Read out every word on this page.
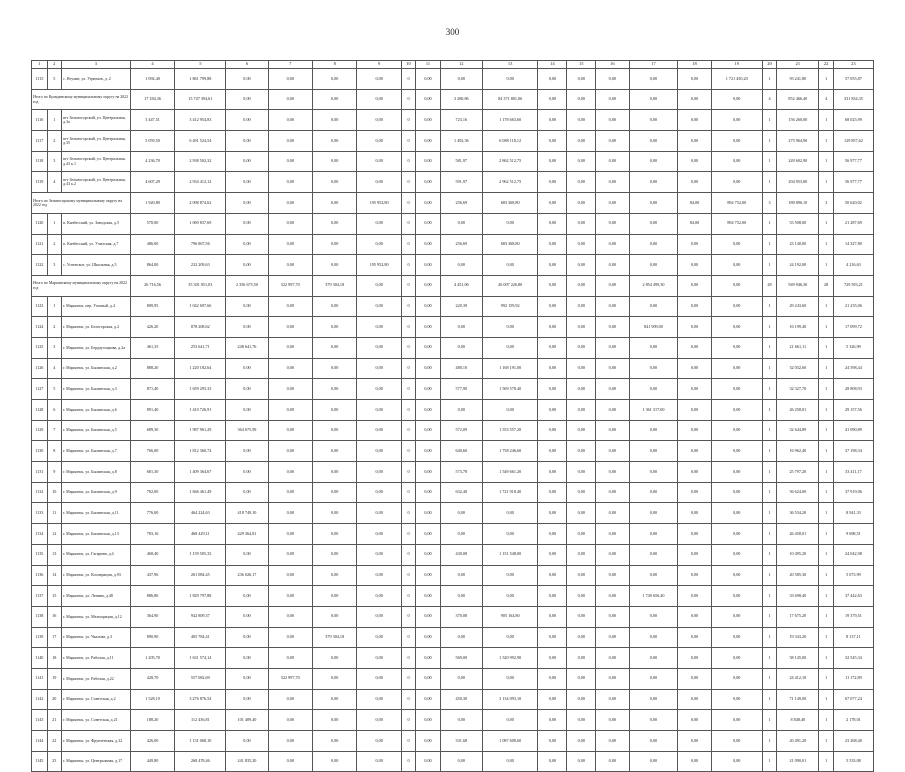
300
1	2	3	4	5	6	7	8	9	10	11	12	13	14	15	16	17	18	19	20	21	22	23
1115	5	с. Нгулин, ул. Угрюмов, д. 2	1 092,40	1 861 799,88	0,00	0,00	0,00	0,00	0	0,00	0,00	0,00	0,00	0,00	0,00	0,00	0,00	1 721 450,20	1	93 241,80	1	57 055,87
Итого по Куандинскому муниципальному округу на 2022 год			17 184,36	15 747 394,61	0,00	0,00	0,00	0,00	0	0,00	3 280,86	84 371 801,06	0,00	0,00	0,00	0,00	0,00	0,00	4	852 466,40	4	331 834,35
1116	1	пгт Зельногорский, ул. Центральная, д.3а	3 447,51	3 412 954,83	0,00	0,00	0,00	0,00	0	0,00	723,16	1 178 663,60	0,00	0,00	0,00	0,00	0,00	0,00	1	156 260,00	1	68 025,99
1117	2	пгт Зельногорский, ул. Центральная, д.35	5 059,50	6 491 524,54	0,00	0,00	0,00	0,00	0	0,00	1 492,36	6 088 118,12	0,00	0,00	0,00	0,00	0,00	0,00	1	275 964,90	1	129 857,62
1118	3	пгт Зельногорский, ул. Центральная, д.43 к.1	4 236,70	2 938 502,32	0,00	0,00	0,00	0,00	0	0,00	581,97	2 862 512,75	0,00	0,00	0,00	0,00	0,00	0,00	1	249 602,90	1	56 977,77
1119	4	пгт Зельногорский, ул. Центральная, д.43 к.2	4 607,29	2 934 412,12	0,00	0,00	0,00	0,00	0	0,00	591,97	2 962 512,75	0,00	0,00	0,00	0,00	0,00	0,00	1	294 953,00	1	56 977,77
Итого по Зельногорскому муниципальному округу на 2022 год			1 920,80	2 098 874,62	0,00	0,00	0,00	195 952,80	0	0,00	256,69	683 368,80	0,00	0,00	0,00	0,00	84,00	894 752,00	3	180 896,10	3	50 620,02
1120	1	п. Канбесский, ул. Заводская, д.5	570,00	1 069 837,69	0,00	0,00	0,00	0,00	0	0,00	0,00	0,00	0,00	0,00	0,00	0,00	84,00	894 752,00	1	53 508,00	1	21 287,69
1121	2	п. Канбесский, ул. Училская, д.7	486,00	796 867,56	0,00	0,00	0,00	0,00	0	0,00	256,69	683 368,80	0,00	0,00	0,00	0,00	0,00	0,00	1	23 140,00	1	14 327,80
1122	3	с. Успенское, ул. Школьная, д.5	864,00	232 209,63	0,00	0,00	0,00	195 952,80	0	0,00	0,00	0,00	0,00	0,00	0,00	0,00	0,00	0,00	1	24 192,00	1	4 216,63
Итого по Марьинскому муниципальному округу на 2022 год			26 716,56	35 301 051,03	2 356 675,50	522 997,70	379 304,18	0,00	0	0,00	4 451,06	26 007 226,80	0,00	0,00	0,00	2 854 499,30	0,00	0,00	28	949 946,30	28	729 593,21
1123	1	г. Марьинск, пер. Угловый, д.4	809,95	1 042 697,66	0,00	0,00	0,00	0,00	0	0,00	220,39	992 159,92	0,00	0,00	0,00	0,00	0,00	0,00	1	29 243,60	1	21 235,06
1124	2	г. Марьинск, ул. Белогорская, д.2	426,20	878 208,62	0,00	0,00	0,00	0,00	0	0,00	0,00	0,00	0,00	0,00	0,00	841 909,00	0,00	0,00	1	16 199,40	1	17 099,72
1125	3	г. Марьинск, ул. Бердаусицкова, д.2а	461,35	253 641,71	248 641,76	0,00	0,00	0,00	0	0,00	0,00	0,00	0,00	0,00	0,00	0,00	0,00	0,00	1	21 661,11	1	5 326,99
1126	4	г. Марьинск, ул. Былинская, д.2	888,20	1 220 182,64	0,00	0,00	0,00	0,00	0	0,00	480,10	1 168 191,00	0,00	0,00	0,00	0,00	0,00	0,00	1	32 032,60	1	24 598,44
1127	5	г. Марьинск, ул. Былинская, д.3	871,40	1 659 293,33	0,00	0,00	0,00	0,00	0	0,00	577,90	1 569 578,40	0,00	0,00	0,00	0,00	0,00	0,00	1	32 327,70	1	28 808,93
1128	6	г. Марьинск, ул. Былинская, д.6	891,40	1 410 726,91	0,00	0,00	0,00	0,00	0	0,00	0,00	0,00	0,00	0,00	0,00	1 361 317,00	0,00	0,00	1	26 258,01	1	29 157,56
1129	7	г. Марьинск, ул. Былинская, д.5	689,30	1 987 961,29	364 675,99	0,00	0,00	0,00	0	0,00	572,09	1 553 557,20	0,00	0,00	0,00	0,00	0,00	0,00	1	32 644,89	1	41 090,89
1130	8	г. Марьинск, ул. Былинская, д.7	766,00	1 812 360,74	0,00	0,00	0,00	0,00	0	0,00	640,60	1 758 246,60	0,00	0,00	0,00	0,00	0,00	0,00	1	16 962,40	1	37 198,34
1131	9	г. Марьинск, ул. Былинская, д.8	681,30	1 409 364,67	0,00	0,00	0,00	0,00	0	0,00	573,78	1 549 661,20	0,00	0,00	0,00	0,00	0,00	0,00	1	25 797,20	1	33 411,17
1132	10	г. Марьинск, ул. Былинская, д.9	702,00	1 846 461,49	0,00	0,00	0,00	0,00	0	0,00	632,40	1 721 918,40	0,00	0,00	0,00	0,00	0,00	0,00	1	56 624,00	1	37 919,06
1133	11	г. Марьинск, ул. Былинская, д.11	776,00	464 224,63	418 749,10	0,00	0,00	0,00	0	0,00	0,00	0,00	0,00	0,00	0,00	0,00	0,00	0,00	1	36 534,20	1	8 941,33
1134	12	г. Марьинск, ул. Былинская, д.13	783,16	468 429,11	429 364,81	0,00	0,00	0,00	0	0,00	0,00	0,00	0,00	0,00	0,00	0,00	0,00	0,00	1	26 458,01	1	9 698,51
1135	13	г. Марьинск, ул. Гагарина, д.4	468,40	1 159 505,35	0,00	0,00	0,00	0,00	0	0,00	430,08	1 151 548,00	0,00	0,00	0,00	0,00	0,00	0,00	1	10 495,20	1	24 042,98
1136	14	г. Марьинск, ул. Кооперации, д.93	437,96	261 084,45	236 026,17	0,00	0,00	0,00	0	0,00	0,00	0,00	0,00	0,00	0,00	0,00	0,00	0,00	1	20 585,30	1	5 073,99
1137	15	г. Марьинск, ул. Ленина, д.48	886,80	1 829 797,88	0,00	0,00	0,00	0,00	0	0,00	0,00	0,00	0,00	0,00	0,00	1 749 656,40	0,00	0,00	1	33 698,40	1	37 442,63
1138	16	г. Марьинск, ул. Мелиорации, д.12	364,90	942 809,37	0,00	0,00	0,00	0,00	0	0,00	370,08	905 164,80	0,00	0,00	0,00	0,00	0,00	0,00	1	17 675,20	1	19 379,51
1139	17	г. Марьинск, ул. Чкалова, д.3	890,90	405 784,41	0,00	0,00	379 304,18	0,00	0	0,00	0,00	0,00	0,00	0,00	0,00	0,00	0,00	0,00	1	19 343,20	1	8 137,11
1140	18	г. Марьинск, ул. Рабочая, д.11	1 205,70	1 631 574,14	0,00	0,00	0,00	0,00	0	0,00	569,00	1 520 992,90	0,00	0,00	0,00	0,00	0,00	0,00	1	58 145,00	1	32 545,34
1141	19	г. Марьинск, ул. Рабочая, д.22	428,70	557 082,69	0,00	522 997,70	0,00	0,00	0	0,00	0,00	0,00	0,00	0,00	0,00	0,00	0,00	0,00	1	24 412,10	1	11 172,89
1142	20	г. Марьинск, ул. Советская, д.2	1 528,10	3 276 876,54	0,00	0,00	0,00	0,00	0	0,00	450,30	3 134 093,10	0,00	0,00	0,00	0,00	0,00	0,00	1	71 149,00	1	67 077,24
1143	21	г. Марьинск, ул. Советская, д.21	188,20	112 436,81	101 409,40	0,00	0,00	0,00	0	0,00	0,00	0,00	0,00	0,00	0,00	0,00	0,00	0,00	1	8 848,40	1	2 178,01
1144	22	г. Марьинск, ул. Фрунзенская, д.32	426,00	1 131 068,10	0,00	0,00	0,00	0,00	0	0,00	331,68	1 087 608,60	0,00	0,00	0,00	0,00	0,00	0,00	1	20 491,20	1	23 268,40
1145	23	г. Марьинск, ул. Центральная, д.17	449,80	268 478,46	241 835,20	0,00	0,00	0,00	0	0,00	0,00	0,00	0,00	0,00	0,00	0,00	0,00	0,00	1	21 090,01	1	5 533,08
